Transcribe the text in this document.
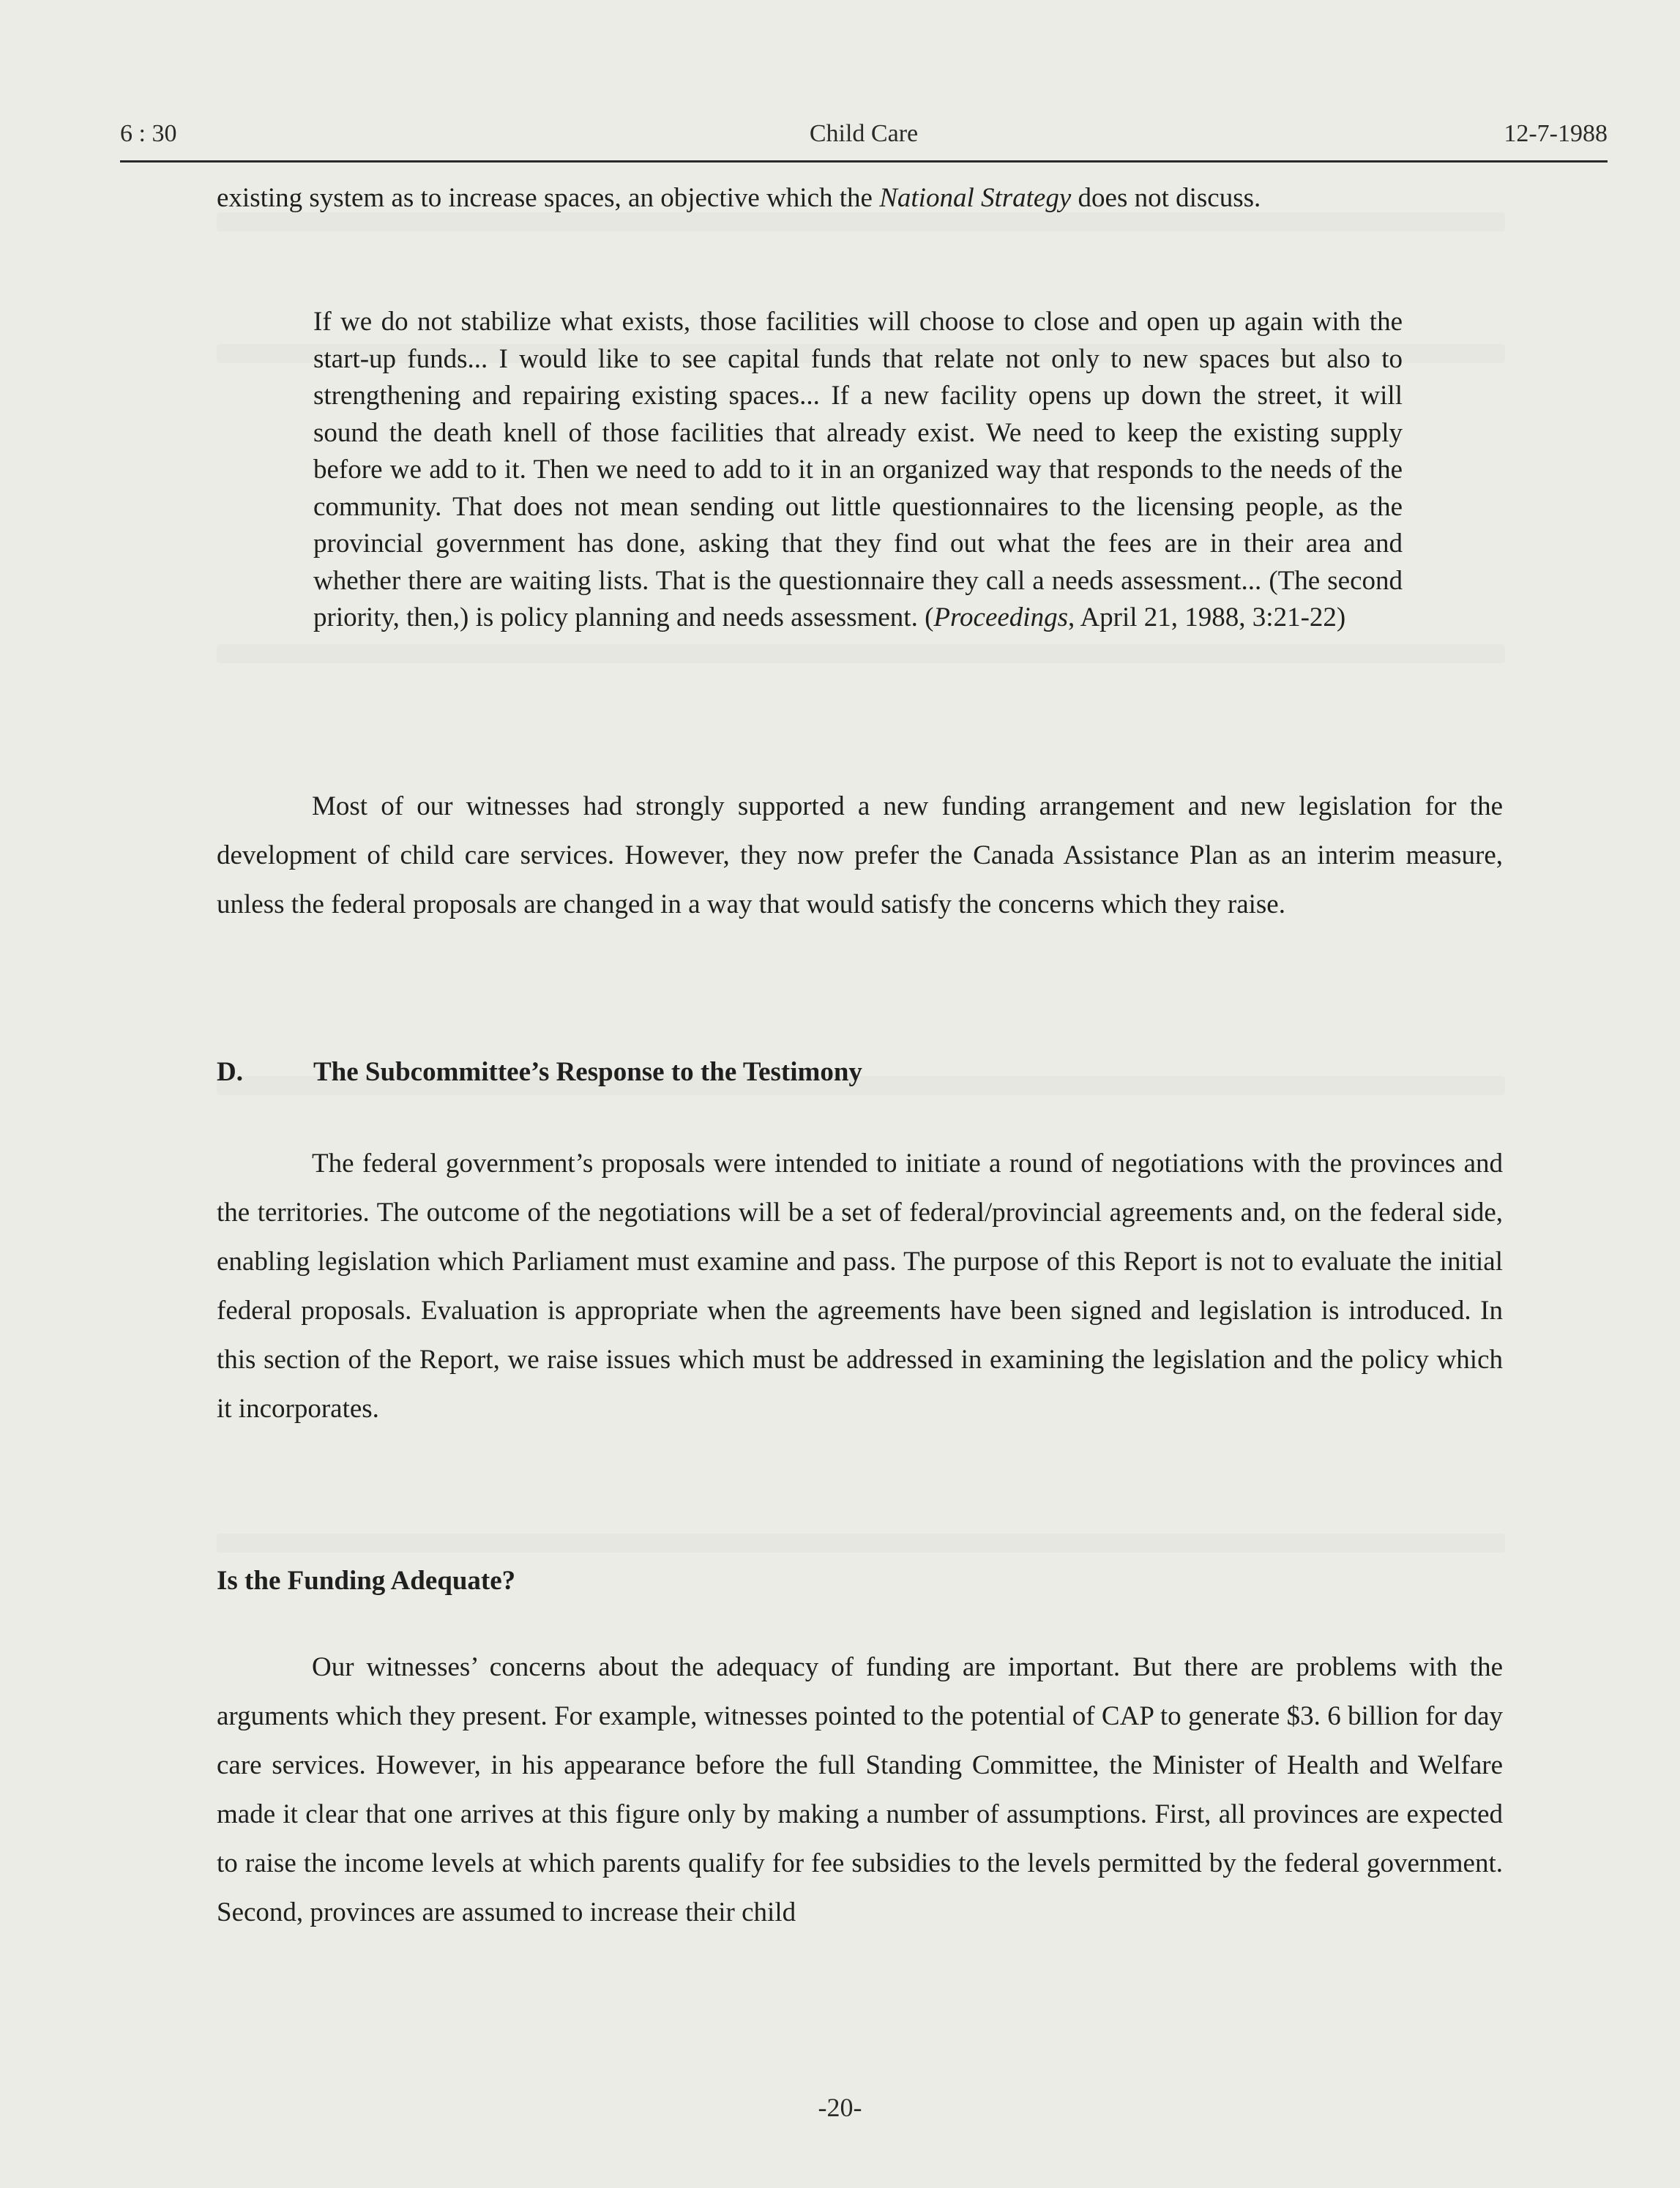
6 : 30	Child Care	12-7-1988

existing system as to increase spaces, an objective which the National Strategy does not discuss.

If we do not stabilize what exists, those facilities will choose to close and open up again with the start-up funds... I would like to see capital funds that relate not only to new spaces but also to strengthening and repairing existing spaces... If a new facility opens up down the street, it will sound the death knell of those facilities that already exist. We need to keep the existing supply before we add to it. Then we need to add to it in an organized way that responds to the needs of the community. That does not mean sending out little questionnaires to the licensing people, as the provincial government has done, asking that they find out what the fees are in their area and whether there are waiting lists. That is the questionnaire they call a needs assessment... (The second priority, then,) is policy planning and needs assessment. (Proceedings, April 21, 1988, 3:21-22)

Most of our witnesses had strongly supported a new funding arrangement and new legislation for the development of child care services. However, they now prefer the Canada Assistance Plan as an interim measure, unless the federal proposals are changed in a way that would satisfy the concerns which they raise.

D.	The Subcommittee’s Response to the Testimony

The federal government’s proposals were intended to initiate a round of negotiations with the provinces and the territories. The outcome of the negotiations will be a set of federal/provincial agreements and, on the federal side, enabling legislation which Parliament must examine and pass. The purpose of this Report is not to evaluate the initial federal proposals. Evaluation is appropriate when the agreements have been signed and legislation is introduced. In this section of the Report, we raise issues which must be addressed in examining the legislation and the policy which it incorporates.

Is the Funding Adequate?

Our witnesses’ concerns about the adequacy of funding are important. But there are problems with the arguments which they present. For example, witnesses pointed to the potential of CAP to generate $3. 6 billion for day care services. However, in his appearance before the full Standing Committee, the Minister of Health and Welfare made it clear that one arrives at this figure only by making a number of assumptions. First, all provinces are expected to raise the income levels at which parents qualify for fee subsidies to the levels permitted by the federal government. Second, provinces are assumed to increase their child

-20-
